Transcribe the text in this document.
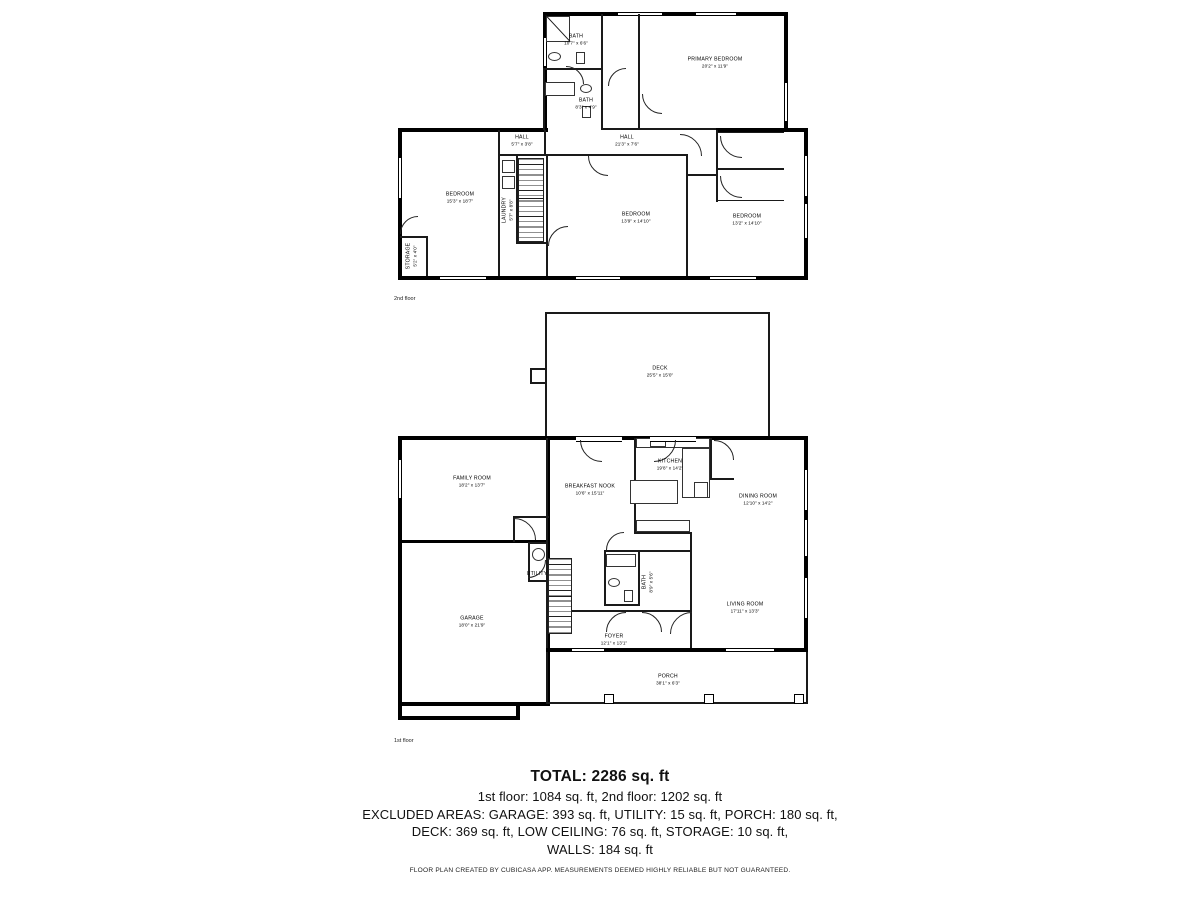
BATH
10'7" x 6'6"
PRIMARY BEDROOM
20'2" x 11'9"
BATH
8'3" x 4'9"
HALL
5'7" x 3'8"
HALL
21'3" x 7'6"
BEDROOM
15'3" x 18'7"	LAUNDRY 5'7" x 8'8"	BEDROOM
13'9" x 14'10"
BEDROOM
13'2" x 14'10"
STORAGE 5'2" x 4'0"
2nd floor
DECK
25'5" x 15'0"
FAMILY ROOM
18'2" x 13'7"	BREAKFAST NOOK
10'6" x 15'11"
KITCHEN
19'8" x 14'2"
DINING ROOM
12'10" x 14'2"
UTILITY
BATH 8'9" x 5'6"
LIVING ROOM
17'11" x 13'3"
GARAGE
18'0" x 21'9"
FOYER
12'1" x 13'1"
PORCH
38'1" x 6'3"
1st floor
TOTAL: 2286 sq. ft
1st floor: 1084 sq. ft, 2nd floor: 1202 sq. ft
EXCLUDED AREAS: GARAGE: 393 sq. ft, UTILITY: 15 sq. ft, PORCH: 180 sq. ft,
DECK: 369 sq. ft, LOW CEILING: 76 sq. ft, STORAGE: 10 sq. ft,
WALLS: 184 sq. ft
FLOOR PLAN CREATED BY CUBICASA APP. MEASUREMENTS DEEMED HIGHLY RELIABLE BUT NOT GUARANTEED.
